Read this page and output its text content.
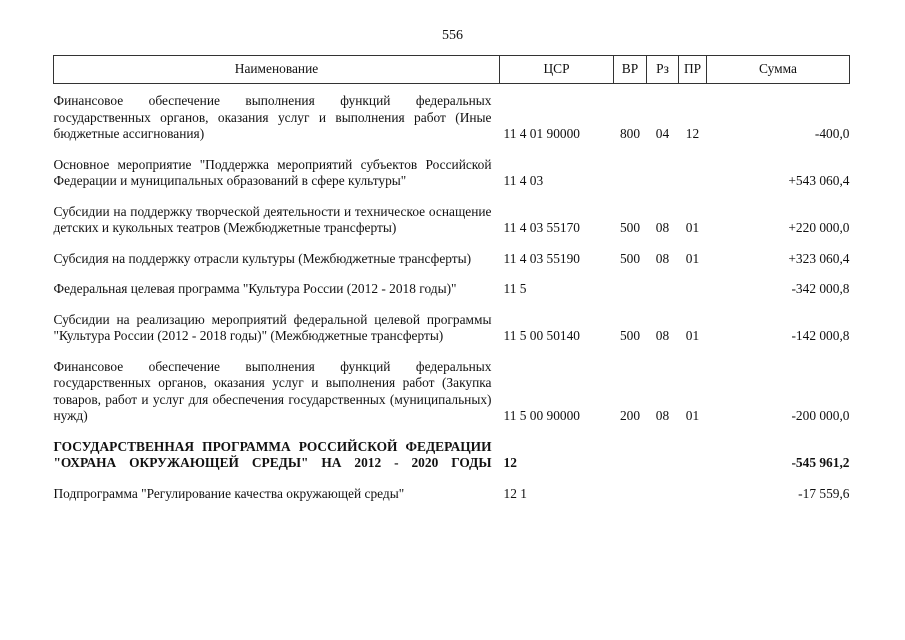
556
Наименование	ЦСР	ВР	Рз	ПР	Сумма
Финансовое обеспечение выполнения функций федеральных государственных органов, оказания услуг и выполнения работ (Иные бюджетные ассигнования)	11 4 01 90000	800	04	12	-400,0
Основное мероприятие "Поддержка мероприятий субъектов Российской Федерации и муниципальных образований в сфере культуры"	11 4 03				+543 060,4
Субсидии на поддержку творческой деятельности и техническое оснащение детских и кукольных театров (Межбюджетные трансферты)	11 4 03 55170	500	08	01	+220 000,0
Субсидия на поддержку отрасли культуры (Межбюджетные трансферты)	11 4 03 55190	500	08	01	+323 060,4
Федеральная целевая программа "Культура России (2012 - 2018 годы)"	11 5				-342 000,8
Субсидии на реализацию мероприятий федеральной целевой программы "Культура России (2012 - 2018 годы)" (Межбюджетные трансферты)	11 5 00 50140	500	08	01	-142 000,8
Финансовое обеспечение выполнения функций федеральных государственных органов, оказания услуг и выполнения работ (Закупка товаров, работ и услуг для обеспечения государственных (муниципальных) нужд)	11 5 00 90000	200	08	01	-200 000,0
ГОСУДАРСТВЕННАЯ ПРОГРАММА РОССИЙСКОЙ ФЕДЕРАЦИИ "ОХРАНА ОКРУЖАЮЩЕЙ СРЕДЫ" НА 2012 - 2020 ГОДЫ	12				-545 961,2
Подпрограмма "Регулирование качества окружающей среды"	12 1				-17 559,6
